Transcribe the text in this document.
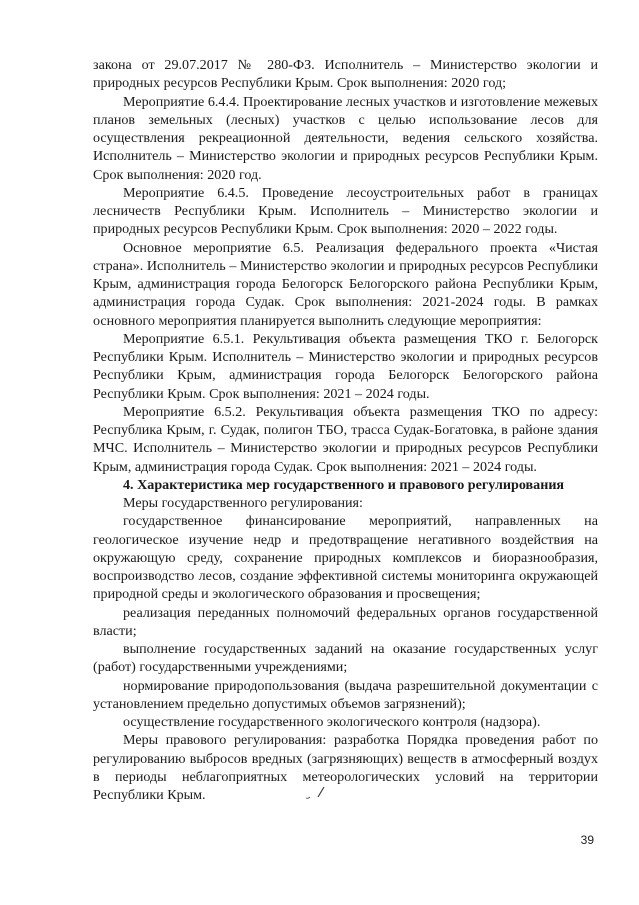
закона от 29.07.2017 № 280-ФЗ. Исполнитель – Министерство экологии и природных ресурсов Республики Крым. Срок выполнения: 2020 год;

Мероприятие 6.4.4. Проектирование лесных участков и изготовление межевых планов земельных (лесных) участков с целью использование лесов для осуществления рекреационной деятельности, ведения сельского хозяйства. Исполнитель – Министерство экологии и природных ресурсов Республики Крым. Срок выполнения: 2020 год.

Мероприятие 6.4.5. Проведение лесоустроительных работ в границах лесничеств Республики Крым. Исполнитель – Министерство экологии и природных ресурсов Республики Крым. Срок выполнения: 2020 – 2022 годы.

Основное мероприятие 6.5. Реализация федерального проекта «Чистая страна». Исполнитель – Министерство экологии и природных ресурсов Республики Крым, администрация города Белогорск Белогорского района Республики Крым, администрация города Судак. Срок выполнения: 2021-2024 годы. В рамках основного мероприятия планируется выполнить следующие мероприятия:

Мероприятие 6.5.1. Рекультивация объекта размещения ТКО г. Белогорск Республики Крым. Исполнитель – Министерство экологии и природных ресурсов Республики Крым, администрация города Белогорск Белогорского района Республики Крым. Срок выполнения: 2021 – 2024 годы.

Мероприятие 6.5.2. Рекультивация объекта размещения ТКО по адресу: Республика Крым, г. Судак, полигон ТБО, трасса Судак-Богатовка, в районе здания МЧС. Исполнитель – Министерство экологии и природных ресурсов Республики Крым, администрация города Судак. Срок выполнения: 2021 – 2024 годы.

4. Характеристика мер государственного и правового регулирования

Меры государственного регулирования:

государственное финансирование мероприятий, направленных на геологическое изучение недр и предотвращение негативного воздействия на окружающую среду, сохранение природных комплексов и биоразнообразия, воспроизводство лесов, создание эффективной системы мониторинга окружающей природной среды и экологического образования и просвещения;

реализация переданных полномочий федеральных органов государственной власти;

выполнение государственных заданий на оказание государственных услуг (работ) государственными учреждениями;

нормирование природопользования (выдача разрешительной документации с установлением предельно допустимых объемов загрязнений);

осуществление государственного экологического контроля (надзора).

Меры правового регулирования: разработка Порядка проведения работ по регулированию выбросов вредных (загрязняющих) веществ в атмосферный воздух в периоды неблагоприятных метеорологических условий на территории Республики Крым.

39
